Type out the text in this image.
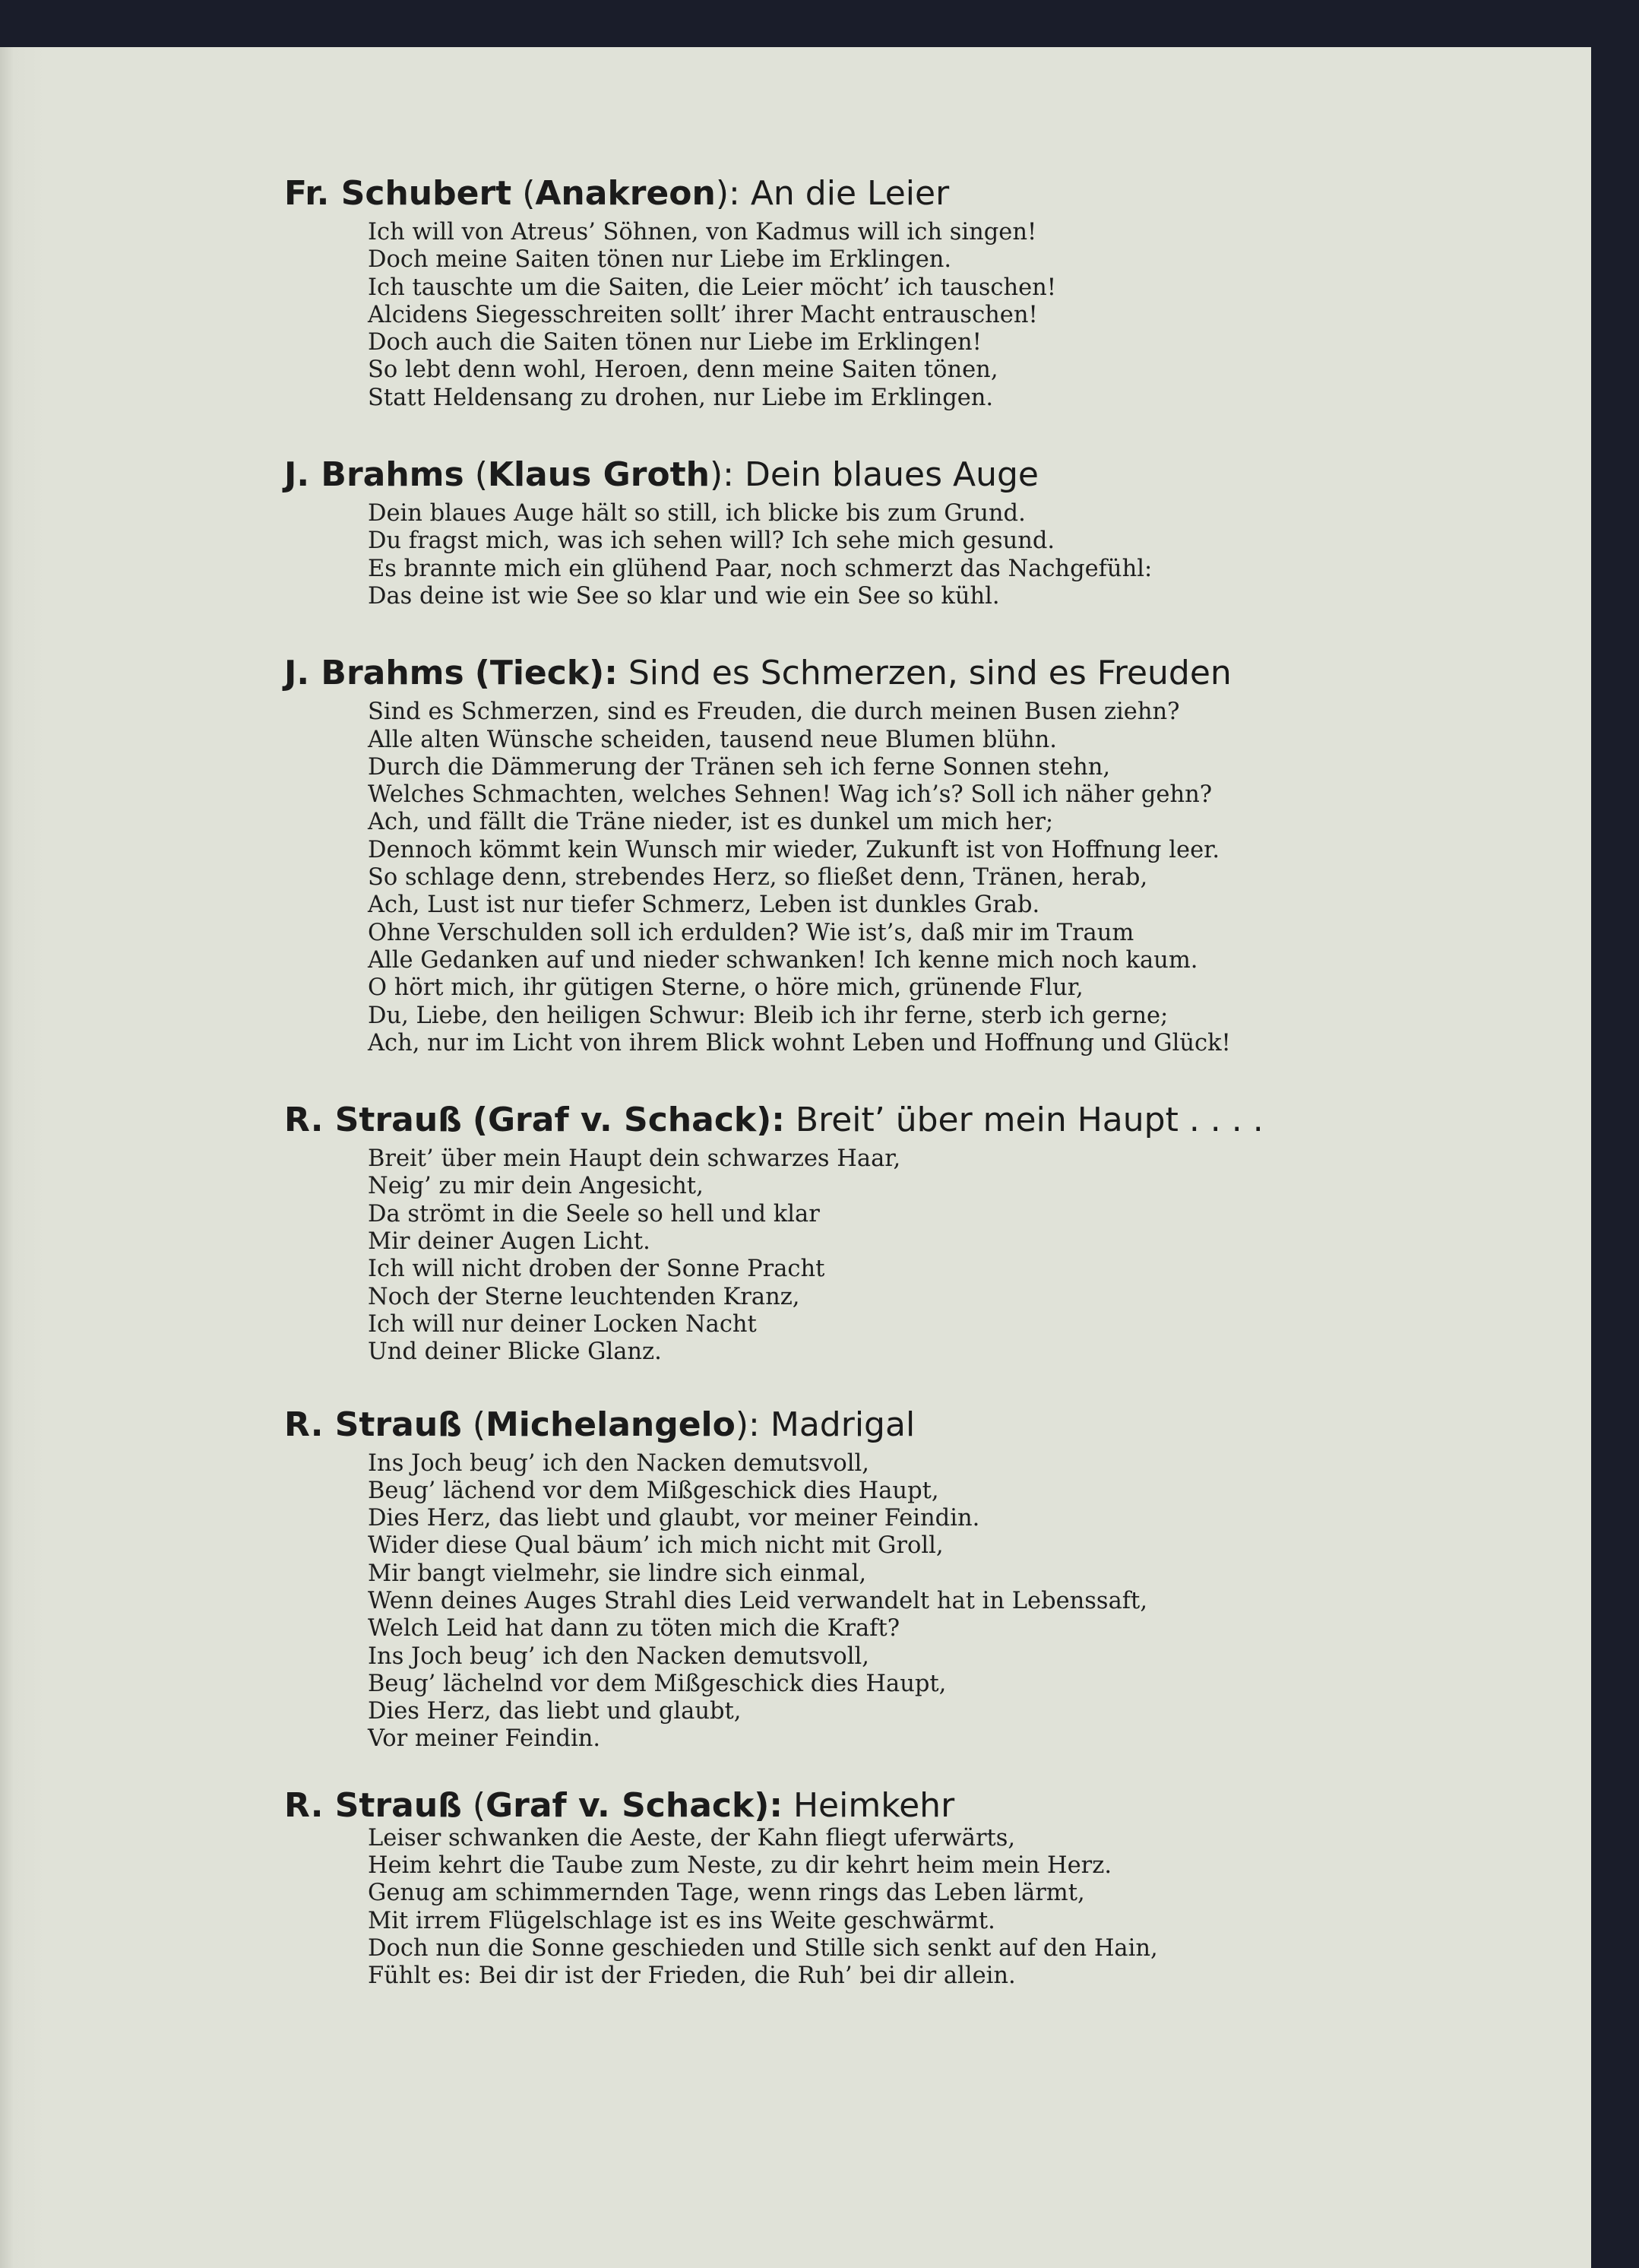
Fr. Schubert (Anakreon): An die Leier
Ich will von Atreus’ Söhnen, von Kadmus will ich singen!
Doch meine Saiten tönen nur Liebe im Erklingen.
Ich tauschte um die Saiten, die Leier möcht’ ich tauschen!
Alcidens Siegesschreiten sollt’ ihrer Macht entrauschen!
Doch auch die Saiten tönen nur Liebe im Erklingen!
So lebt denn wohl, Heroen, denn meine Saiten tönen,
Statt Heldensang zu drohen, nur Liebe im Erklingen.
J. Brahms (Klaus Groth): Dein blaues Auge
Dein blaues Auge hält so still, ich blicke bis zum Grund.
Du fragst mich, was ich sehen will? Ich sehe mich gesund.
Es brannte mich ein glühend Paar, noch schmerzt das Nachgefühl:
Das deine ist wie See so klar und wie ein See so kühl.
J. Brahms (Tieck): Sind es Schmerzen, sind es Freuden
Sind es Schmerzen, sind es Freuden, die durch meinen Busen ziehn?
Alle alten Wünsche scheiden, tausend neue Blumen blühn.
Durch die Dämmerung der Tränen seh ich ferne Sonnen stehn,
Welches Schmachten, welches Sehnen! Wag ich’s? Soll ich näher gehn?
Ach, und fällt die Träne nieder, ist es dunkel um mich her;
Dennoch kömmt kein Wunsch mir wieder, Zukunft ist von Hoffnung leer.
So schlage denn, strebendes Herz, so fließet denn, Tränen, herab,
Ach, Lust ist nur tiefer Schmerz, Leben ist dunkles Grab.
Ohne Verschulden soll ich erdulden? Wie ist’s, daß mir im Traum
Alle Gedanken auf und nieder schwanken! Ich kenne mich noch kaum.
O hört mich, ihr gütigen Sterne, o höre mich, grünende Flur,
Du, Liebe, den heiligen Schwur: Bleib ich ihr ferne, sterb ich gerne;
Ach, nur im Licht von ihrem Blick wohnt Leben und Hoffnung und Glück!
R. Strauß (Graf v. Schack): Breit’ über mein Haupt . . . .
Breit’ über mein Haupt dein schwarzes Haar,
Neig’ zu mir dein Angesicht,
Da strömt in die Seele so hell und klar
Mir deiner Augen Licht.
Ich will nicht droben der Sonne Pracht
Noch der Sterne leuchtenden Kranz,
Ich will nur deiner Locken Nacht
Und deiner Blicke Glanz.
R. Strauß (Michelangelo): Madrigal
Ins Joch beug’ ich den Nacken demutsvoll,
Beug’ lächend vor dem Mißgeschick dies Haupt,
Dies Herz, das liebt und glaubt, vor meiner Feindin.
Wider diese Qual bäum’ ich mich nicht mit Groll,
Mir bangt vielmehr, sie lindre sich einmal,
Wenn deines Auges Strahl dies Leid verwandelt hat in Lebenssaft,
Welch Leid hat dann zu töten mich die Kraft?
Ins Joch beug’ ich den Nacken demutsvoll,
Beug’ lächelnd vor dem Mißgeschick dies Haupt,
Dies Herz, das liebt und glaubt,
Vor meiner Feindin.
R. Strauß (Graf v. Schack): Heimkehr
Leiser schwanken die Aeste, der Kahn fliegt uferwärts,
Heim kehrt die Taube zum Neste, zu dir kehrt heim mein Herz.
Genug am schimmernden Tage, wenn rings das Leben lärmt,
Mit irrem Flügelschlage ist es ins Weite geschwärmt.
Doch nun die Sonne geschieden und Stille sich senkt auf den Hain,
Fühlt es: Bei dir ist der Frieden, die Ruh’ bei dir allein.
